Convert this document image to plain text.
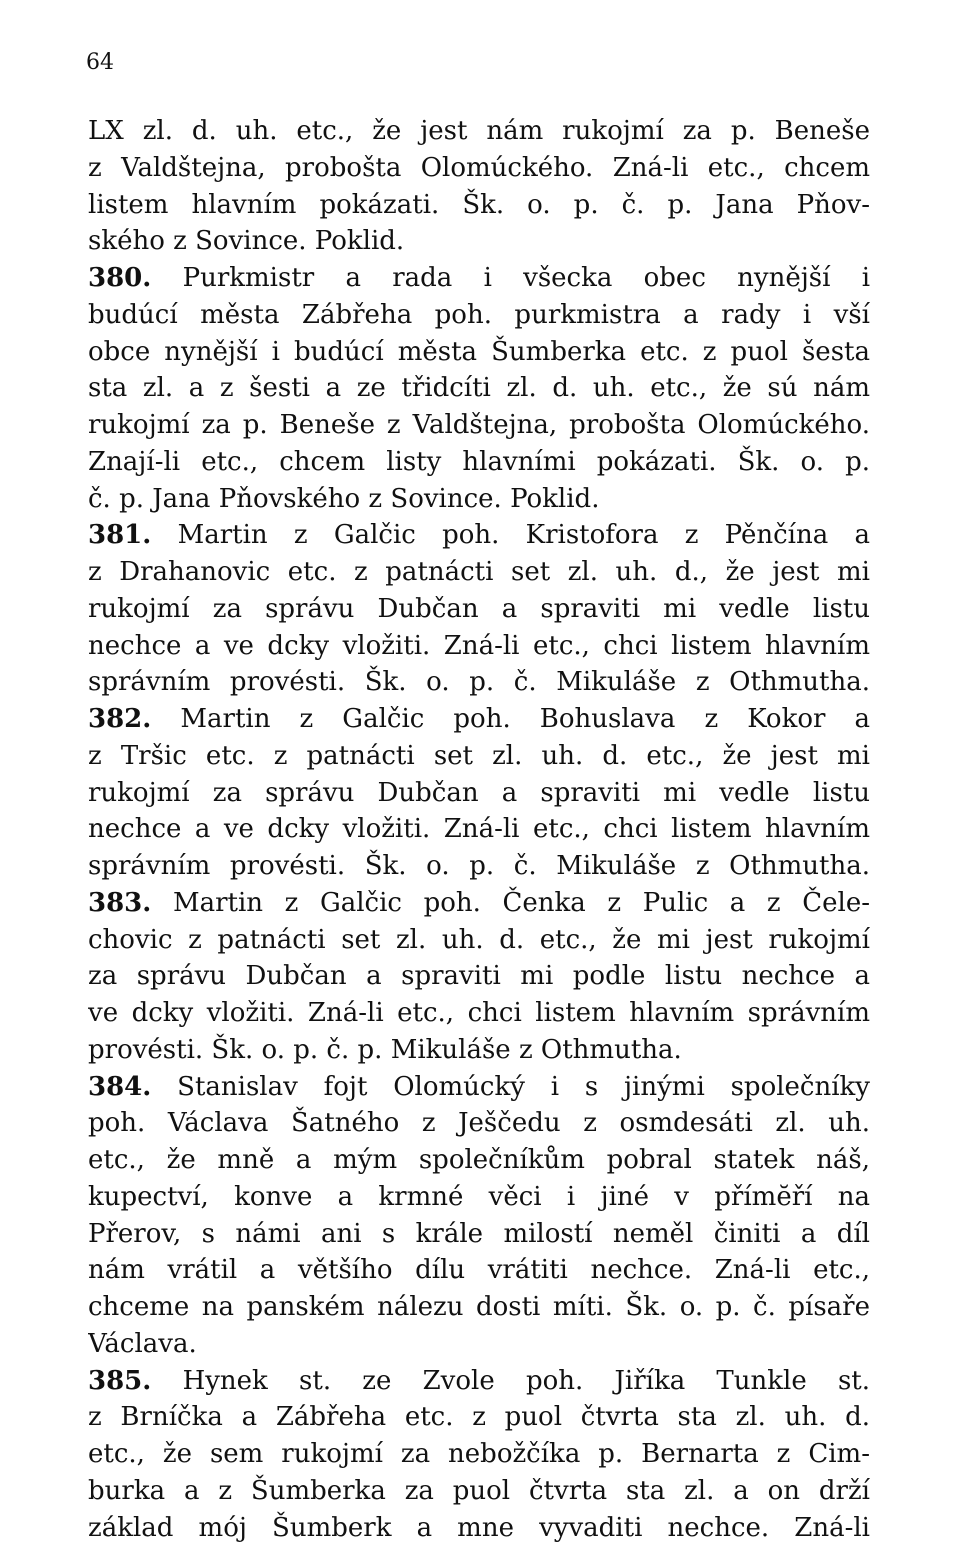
64
LX zl. d. uh. etc., že jest nám rukojmí za p. Beneše
z Valdštejna, probošta Olomúckého. Zná-li etc., chcem
listem hlavním pokázati. Šk. o. p. č. p. Jana Pňov-
ského z Sovince. Poklid.
380. Purkmistr a rada i všecka obec nynější i
budúcí města Zábřeha poh. purkmistra a rady i vší
obce nynější i budúcí města Šumberka etc. z puol šesta
sta zl. a z šesti a ze třidcíti zl. d. uh. etc., že sú nám
rukojmí za p. Beneše z Valdštejna, probošta Olomúckého.
Znají-li etc., chcem listy hlavními pokázati. Šk. o. p.
č. p. Jana Pňovského z Sovince. Poklid.
381. Martin z Galčic poh. Kristofora z Pěnčína a
z Drahanovic etc. z patnácti set zl. uh. d., že jest mi
rukojmí za správu Dubčan a spraviti mi vedle listu
nechce a ve dcky vložiti. Zná-li etc., chci listem hlavním
správním provésti. Šk. o. p. č. Mikuláše z Othmutha.
382. Martin z Galčic poh. Bohuslava z Kokor a
z Tršic etc. z patnácti set zl. uh. d. etc., že jest mi
rukojmí za správu Dubčan a spraviti mi vedle listu
nechce a ve dcky vložiti. Zná-li etc., chci listem hlavním
správním provésti. Šk. o. p. č. Mikuláše z Othmutha.
383. Martin z Galčic poh. Čenka z Pulic a z Čele-
chovic z patnácti set zl. uh. d. etc., že mi jest rukojmí
za správu Dubčan a spraviti mi podle listu nechce a
ve dcky vložiti. Zná-li etc., chci listem hlavním správním
provésti. Šk. o. p. č. p. Mikuláše z Othmutha.
384. Stanislav fojt Olomúcký i s jinými společníky
poh. Václava Šatného z Ješčedu z osmdesáti zl. uh.
etc., že mně a mým společníkům pobral statek náš,
kupectví, konve a krmné věci i jiné v přímĕří na
Přerov, s námi ani s krále milostí neměl činiti a díl
nám vrátil a většího dílu vrátiti nechce. Zná-li etc.,
chceme na panském nálezu dosti míti. Šk. o. p. č. písaře
Václava.
385. Hynek st. ze Zvole poh. Jiříka Tunkle st.
z Brníčka a Zábřeha etc. z puol čtvrta sta zl. uh. d.
etc., že sem rukojmí za nebožčíka p. Bernarta z Cim-
burka a z Šumberka za puol čtvrta sta zl. a on drží
základ mój Šumberk a mne vyvaditi nechce. Zná-li
